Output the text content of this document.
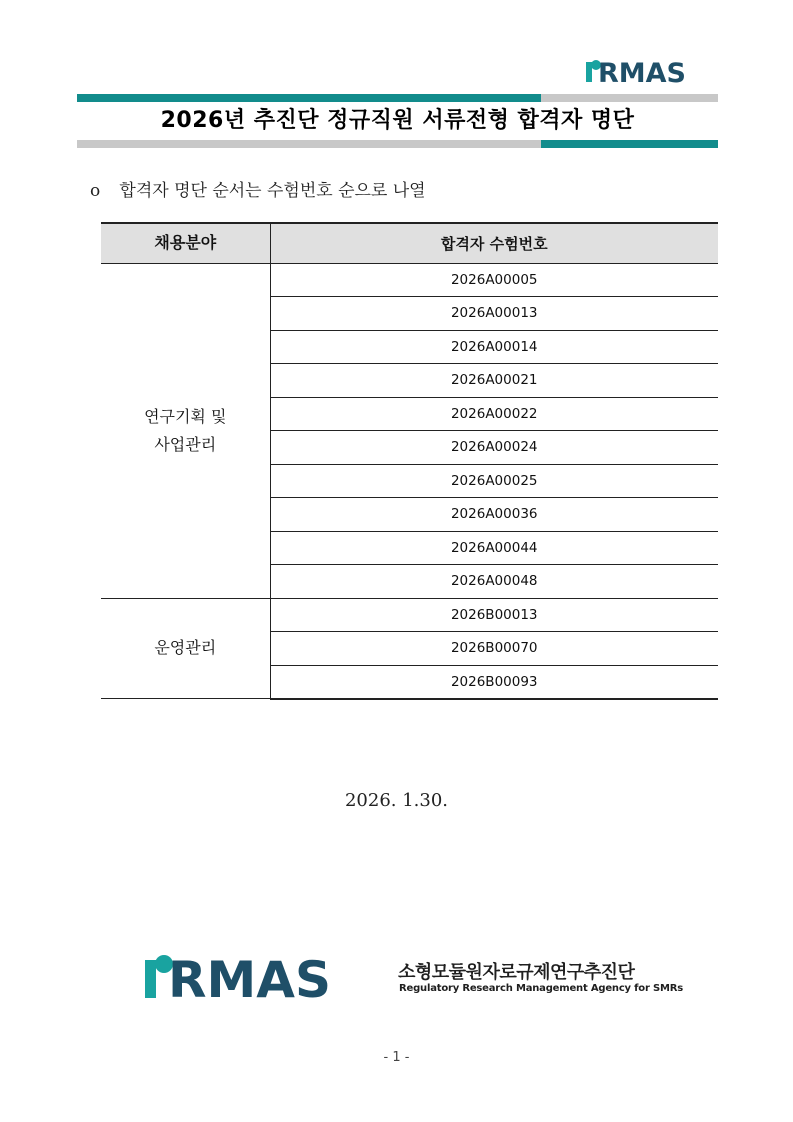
RMAS
2026년 추진단 정규직원 서류전형 합격자 명단
o 합격자 명단 순서는 수험번호 순으로 나열
채용분야	합격자 수험번호
연구기획 및
사업관리	2026A00005
	2026A00013
	2026A00014
	2026A00021
	2026A00022
	2026A00024
	2026A00025
	2026A00036
	2026A00044
	2026A00048
운영관리	2026B00013
	2026B00070
	2026B00093
2026. 1.30.
RMAS	소형모듈원자로규제연구추진단
Regulatory Research Management Agency for SMRs
- 1 -
